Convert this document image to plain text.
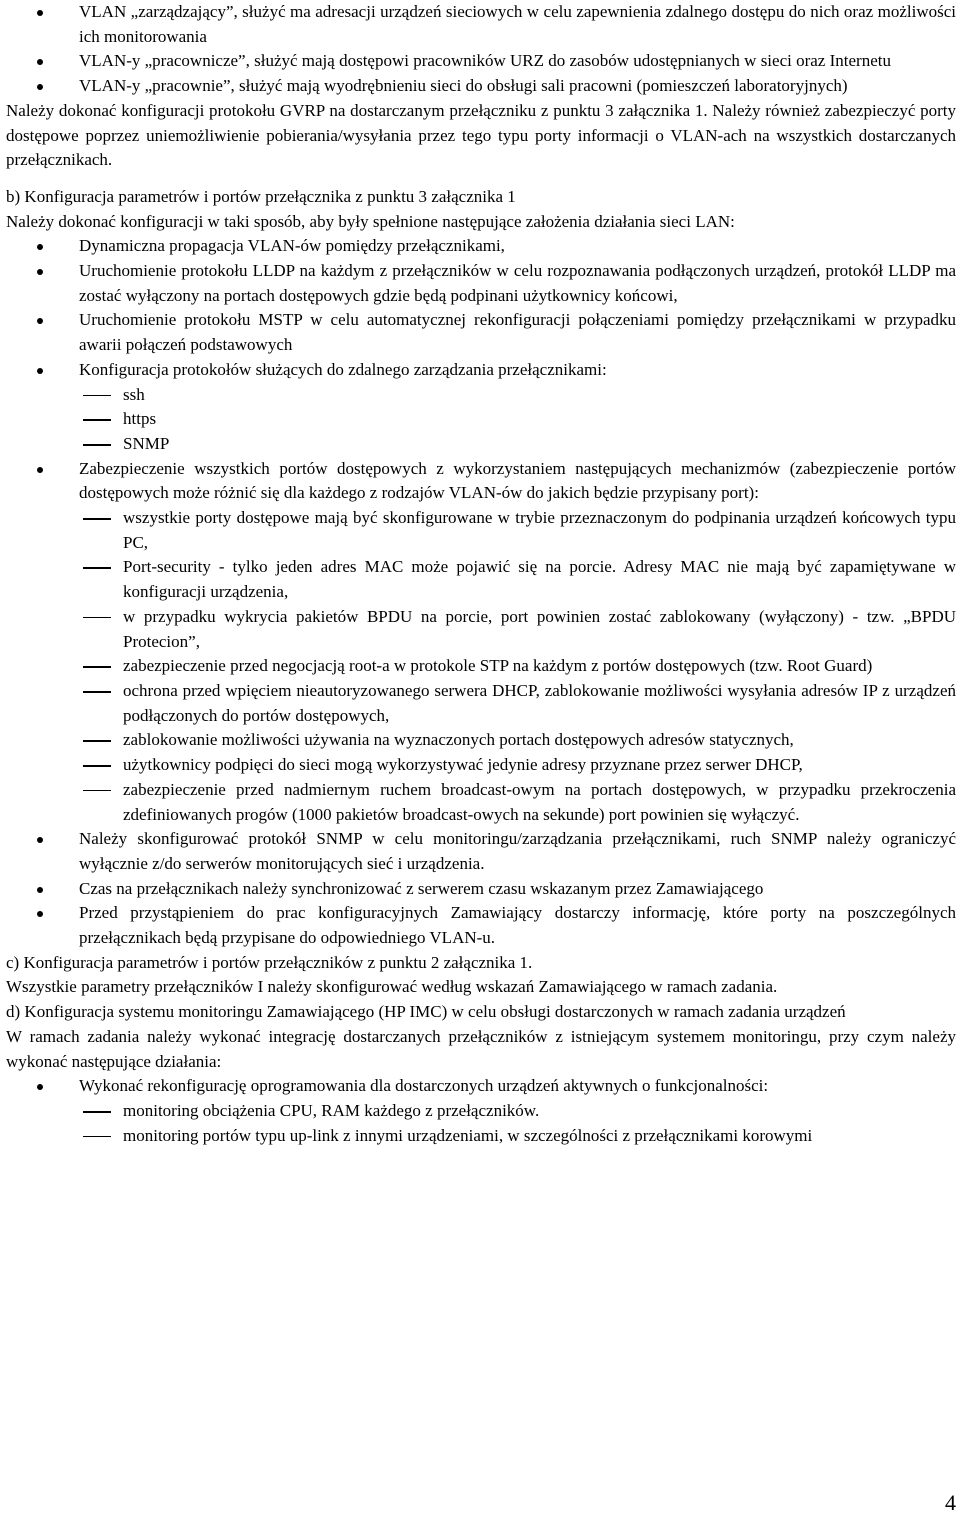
VLAN „zarządzający”, służyć ma adresacji urządzeń sieciowych w celu zapewnienia zdalnego dostępu do nich oraz możliwości ich monitorowania
VLAN-y „pracownicze”, służyć mają dostępowi pracowników URZ do zasobów udostępnianych w sieci oraz Internetu
VLAN-y „pracownie”, służyć mają wyodrębnieniu sieci do obsługi sali pracowni (pomieszczeń laboratoryjnych)

Należy dokonać konfiguracji protokołu GVRP na dostarczanym przełączniku z punktu 3 załącznika 1. Należy również zabezpieczyć porty dostępowe poprzez uniemożliwienie pobierania/wysyłania przez tego typu porty informacji o VLAN-ach na wszystkich dostarczanych przełącznikach.

b) Konfiguracja parametrów i portów przełącznika z punktu 3 załącznika 1

Należy dokonać konfiguracji w taki sposób, aby były spełnione następujące założenia działania sieci LAN:

Dynamiczna propagacja VLAN-ów pomiędzy przełącznikami,
Uruchomienie protokołu LLDP na każdym z przełączników w celu rozpoznawania podłączonych urządzeń, protokół LLDP ma zostać wyłączony na portach dostępowych gdzie będą podpinani użytkownicy końcowi,
Uruchomienie protokołu MSTP w celu automatycznej rekonfiguracji połączeniami pomiędzy przełącznikami w przypadku awarii połączeń podstawowych
Konfiguracja protokołów służących do zdalnego zarządzania przełącznikami:
ssh
https
SNMP
Zabezpieczenie wszystkich portów dostępowych z wykorzystaniem następujących mechanizmów (zabezpieczenie portów dostępowych może różnić się dla każdego z rodzajów VLAN-ów do jakich będzie przypisany port):
wszystkie porty dostępowe mają być skonfigurowane w trybie przeznaczonym do podpinania urządzeń końcowych typu PC,
Port-security - tylko jeden adres MAC może pojawić się na porcie. Adresy MAC nie mają być zapamiętywane w konfiguracji urządzenia,
w przypadku wykrycia pakietów BPDU na porcie, port powinien zostać zablokowany (wyłączony) - tzw. „BPDU Protecion”,
zabezpieczenie przed negocjacją root-a w protokole STP na każdym z portów dostępowych (tzw. Root Guard)
ochrona przed wpięciem nieautoryzowanego serwera DHCP, zablokowanie możliwości wysyłania adresów IP z urządzeń podłączonych do portów dostępowych,
zablokowanie możliwości używania na wyznaczonych portach dostępowych adresów statycznych,
użytkownicy podpięci do sieci mogą wykorzystywać jedynie adresy przyznane przez serwer DHCP,
zabezpieczenie przed nadmiernym ruchem broadcast-owym na portach dostępowych, w przypadku przekroczenia zdefiniowanych progów (1000 pakietów broadcast-owych na sekunde) port powinien się wyłączyć.
Należy skonfigurować protokół SNMP w celu monitoringu/zarządzania przełącznikami, ruch SNMP należy ograniczyć wyłącznie z/do serwerów monitorujących sieć i urządzenia.
Czas na przełącznikach należy synchronizować z serwerem czasu wskazanym przez Zamawiającego
Przed przystąpieniem do prac konfiguracyjnych Zamawiający dostarczy informację, które porty na poszczególnych przełącznikach będą przypisane do odpowiedniego VLAN-u.

c) Konfiguracja parametrów i portów przełączników z punktu 2 załącznika 1.

Wszystkie parametry przełączników I należy skonfigurować według wskazań Zamawiającego w ramach zadania.

d) Konfiguracja systemu monitoringu Zamawiającego (HP IMC) w celu obsługi dostarczonych w ramach zadania urządzeń

W ramach zadania należy wykonać integrację dostarczanych przełączników z istniejącym systemem monitoringu, przy czym należy wykonać następujące działania:

Wykonać rekonfigurację oprogramowania dla dostarczonych urządzeń aktywnych o funkcjonalności:
monitoring obciążenia CPU, RAM każdego z przełączników.
monitoring portów typu up-link z innymi urządzeniami, w szczególności z przełącznikami korowymi
4
